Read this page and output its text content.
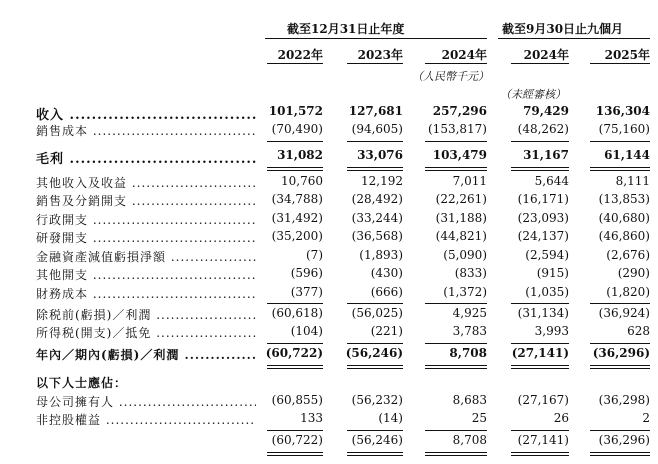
截至12月31日止年度	截至9月30日止九個月
2022年	2023年	2024年	2024年	2025年
（人民幣千元）
（未經審核）
收入 .....	101,572	127,681	257,296	79,429	136,304
銷售成本 .....	(70,490)	(94,605)	(153,817)	(48,262)	(75,160)
毛利 .....	31,082	33,076	103,479	31,167	61,144
其他收入及收益 .....	10,760	12,192	7,011	5,644	8,111
銷售及分銷開支 .....	(34,788)	(28,492)	(22,261)	(16,171)	(13,853)
行政開支 .....	(31,492)	(33,244)	(31,188)	(23,093)	(40,680)
研發開支 .....	(35,200)	(36,568)	(44,821)	(24,137)	(46,860)
金融資產減值虧損淨額 .....	(7)	(1,893)	(5,090)	(2,594)	(2,676)
其他開支 .....	(596)	(430)	(833)	(915)	(290)
財務成本 .....	(377)	(666)	(1,372)	(1,035)	(1,820)
除税前(虧損)／利潤 .....	(60,618)	(56,025)	4,925	(31,134)	(36,924)
所得税(開支)／抵免 .....	(104)	(221)	3,783	3,993	628
年內／期內(虧損)／利潤 .....	(60,722)	(56,246)	8,708	(27,141)	(36,296)
以下人士應佔：
母公司擁有人 .....	(60,855)	(56,232)	8,683	(27,167)	(36,298)
非控股權益 .....	133	(14)	25	26	2
(60,722)	(56,246)	8,708	(27,141)	(36,296)
